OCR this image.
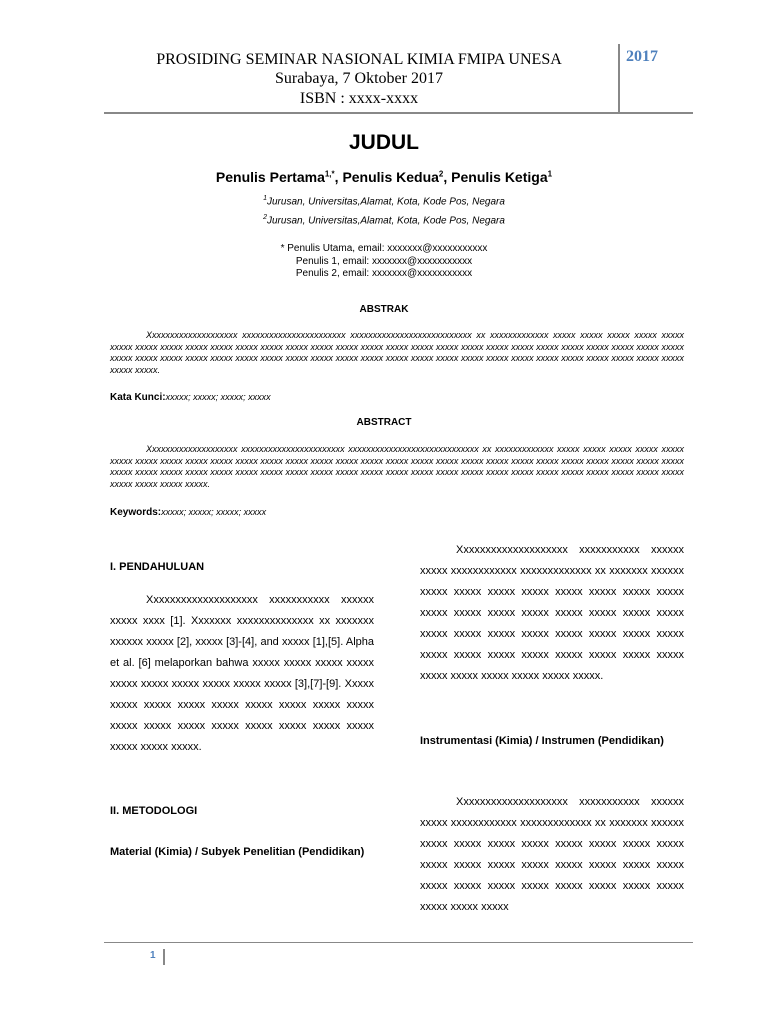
PROSIDING SEMINAR NASIONAL KIMIA FMIPA UNESA
Surabaya, 7 Oktober 2017
ISBN : xxxx-xxxx
2017
JUDUL
Penulis Pertama$^{1,*}$, Penulis Kedua$^2$, Penulis Ketiga$^1$
$^1$Jurusan, Universitas,Alamat, Kota, Kode Pos, Negara
$^2$Jurusan, Universitas,Alamat, Kota, Kode Pos, Negara
* Penulis Utama, email: xxxxxxx@xxxxxxxxxxx
Penulis 1, email: xxxxxxx@xxxxxxxxxxx
Penulis 2, email: xxxxxxx@xxxxxxxxxxx
ABSTRAK
Xxxxxxxxxxxxxxxxxxxx xxxxxxxxxxxxxxxxxxxxxxx xxxxxxxxxxxxxxxxxxxxxxxxxxx xx xxxxxxxxxxxxx xxxxx xxxxx xxxxx xxxxx xxxxx xxxxx xxxxx xxxxx xxxxx xxxxx xxxxx xxxxx xxxxx xxxxx xxxxx xxxxx xxxxx xxxxx xxxxx xxxxx xxxxx xxxxx xxxxx xxxxx xxxxx xxxxx xxxxx xxxxx xxxxx xxxxx xxxxx xxxxx xxxxx xxxxx xxxxx xxxxx xxxxx xxxxx xxxxx xxxxx xxxxx xxxxx xxxxx xxxxx xxxxx xxxxx xxxxx xxxxx xxxxx xxxxx xxxxx xxxxx xxxxx.
Kata Kunci:xxxxx; xxxxx; xxxxx; xxxxx
ABSTRACT
Xxxxxxxxxxxxxxxxxxxx xxxxxxxxxxxxxxxxxxxxxxx xxxxxxxxxxxxxxxxxxxxxxxxxxxxx xx xxxxxxxxxxxxx xxxxx xxxxx xxxxx xxxxx xxxxx xxxxx xxxxx xxxxx xxxxx xxxxx xxxxx xxxxx xxxxx xxxxx xxxxx xxxxx xxxxx xxxxx xxxxx xxxxx xxxxx xxxxx xxxxx xxxxx xxxxx xxxxx xxxxx xxxxx xxxxx xxxxx xxxxx xxxxx xxxxx xxxxx xxxxx xxxxx xxxxx xxxxx xxxxx xxxxx xxxxx xxxxx xxxxx xxxxx xxxxx xxxxx xxxxx xxxxx xxxxx xxxxx xxxxx xxxxx xxxxx xxxxx xxxxx.
Keywords:xxxxx; xxxxx; xxxxx; xxxxx
I. PENDAHULUAN
Xxxxxxxxxxxxxxxxxxxx xxxxxxxxxxx xxxxxx xxxxx xxxx [1]. Xxxxxxx xxxxxxxxxxxxxx xx xxxxxxx xxxxxx xxxxx [2], xxxxx [3]-[4], and xxxxx [1],[5]. Alpha et al. [6] melaporkan bahwa xxxxx xxxxx xxxxx xxxxx xxxxx xxxxx xxxxx xxxxx xxxxx xxxxx [3],[7]-[9]. Xxxxx xxxxx xxxxx xxxxx xxxxx xxxxx xxxxx xxxxx xxxxx xxxxx xxxxx xxxxx xxxxx xxxxx xxxxx xxxxx xxxxx xxxxx xxxxx xxxxx.
II. METODOLOGI
Material (Kimia) / Subyek Penelitian (Pendidikan)
Xxxxxxxxxxxxxxxxxxxx xxxxxxxxxxx xxxxxx xxxxx xxxxxxxxxxxx xxxxxxxxxxxxx xx xxxxxxx xxxxxx xxxxx xxxxx xxxxx xxxxx xxxxx xxxxx xxxxx xxxxx xxxxx xxxxx xxxxx xxxxx xxxxx xxxxx xxxxx xxxxx xxxxx xxxxx xxxxx xxxxx xxxxx xxxxx xxxxx xxxxx xxxxx xxxxx xxxxx xxxxx xxxxx xxxxx xxxxx xxxxx xxxxx xxxxx xxxxx xxxxx xxxxx xxxxx.
Instrumentasi (Kimia) / Instrumen (Pendidikan)
Xxxxxxxxxxxxxxxxxxxx xxxxxxxxxxx xxxxxx xxxxx xxxxxxxxxxxx xxxxxxxxxxxxx xx xxxxxxx xxxxxx xxxxx xxxxx xxxxx xxxxx xxxxx xxxxx xxxxx xxxxx xxxxx xxxxx xxxxx xxxxx xxxxx xxxxx xxxxx xxxxx xxxxx xxxxx xxxxx xxxxx xxxxx xxxxx xxxxx xxxxx xxxxx xxxxx xxxxx
1
